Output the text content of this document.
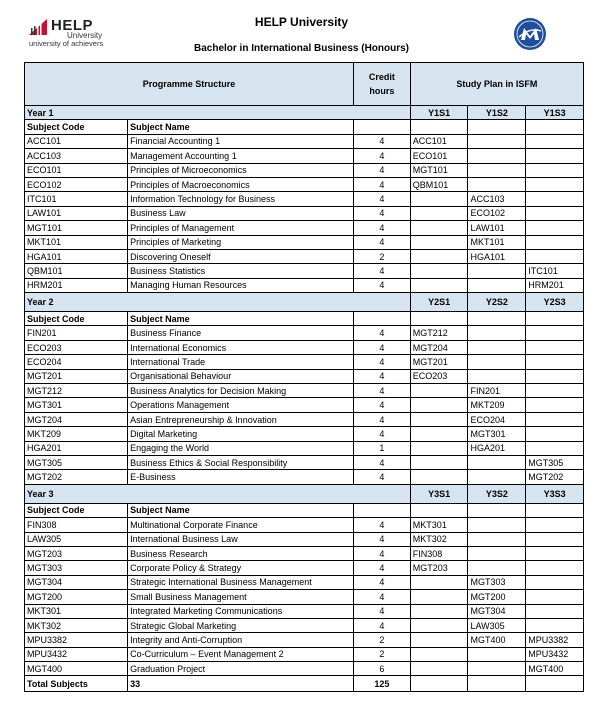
HELP
University
university of achievers
HELP University
Bachelor in International Business (Honours)
Programme Structure		Credit hours	Study Plan in ISFM		
Year 1			Y1S1	Y1S2	Y1S3
Subject Code	Subject Name				
ACC101	Financial Accounting 1	4	ACC101		
ACC103	Management Accounting 1	4	ECO101		
ECO101	Principles of Microeconomics	4	MGT101		
ECO102	Principles of Macroeconomics	4	QBM101		
ITC101	Information Technology for Business	4		ACC103	
LAW101	Business Law	4		ECO102	
MGT101	Principles of Management	4		LAW101	
MKT101	Principles of Marketing	4		MKT101	
HGA101	Discovering Oneself	2		HGA101	
QBM101	Business Statistics	4			ITC101
HRM201	Managing Human Resources	4			HRM201
Year 2			Y2S1	Y2S2	Y2S3
Subject Code	Subject Name				
FIN201	Business Finance	4	MGT212		
ECO203	International Economics	4	MGT204		
ECO204	International Trade	4	MGT201		
MGT201	Organisational Behaviour	4	ECO203		
MGT212	Business Analytics for Decision Making	4		FIN201	
MGT301	Operations Management	4		MKT209	
MGT204	Asian Entrepreneurship & Innovation	4		ECO204	
MKT209	Digital Marketing	4		MGT301	
HGA201	Engaging the World	1		HGA201	
MGT305	Business Ethics & Social Responsibility	4			MGT305
MGT202	E-Business	4			MGT202
Year 3			Y3S1	Y3S2	Y3S3
Subject Code	Subject Name				
FIN308	Multinational Corporate Finance	4	MKT301		
LAW305	International Business Law	4	MKT302		
MGT203	Business Research	4	FIN308		
MGT303	Corporate Policy & Strategy	4	MGT203		
MGT304	Strategic International Business Management	4		MGT303	
MGT200	Small Business Management	4		MGT200	
MKT301	Integrated Marketing Communications	4		MGT304	
MKT302	Strategic Global Marketing	4		LAW305	
MPU3382	Integrity and Anti-Corruption	2		MGT400	MPU3382
MPU3432	Co-Curriculum – Event Management 2	2			MPU3432
MGT400	Graduation Project	6			MGT400
Total Subjects	33	125			
